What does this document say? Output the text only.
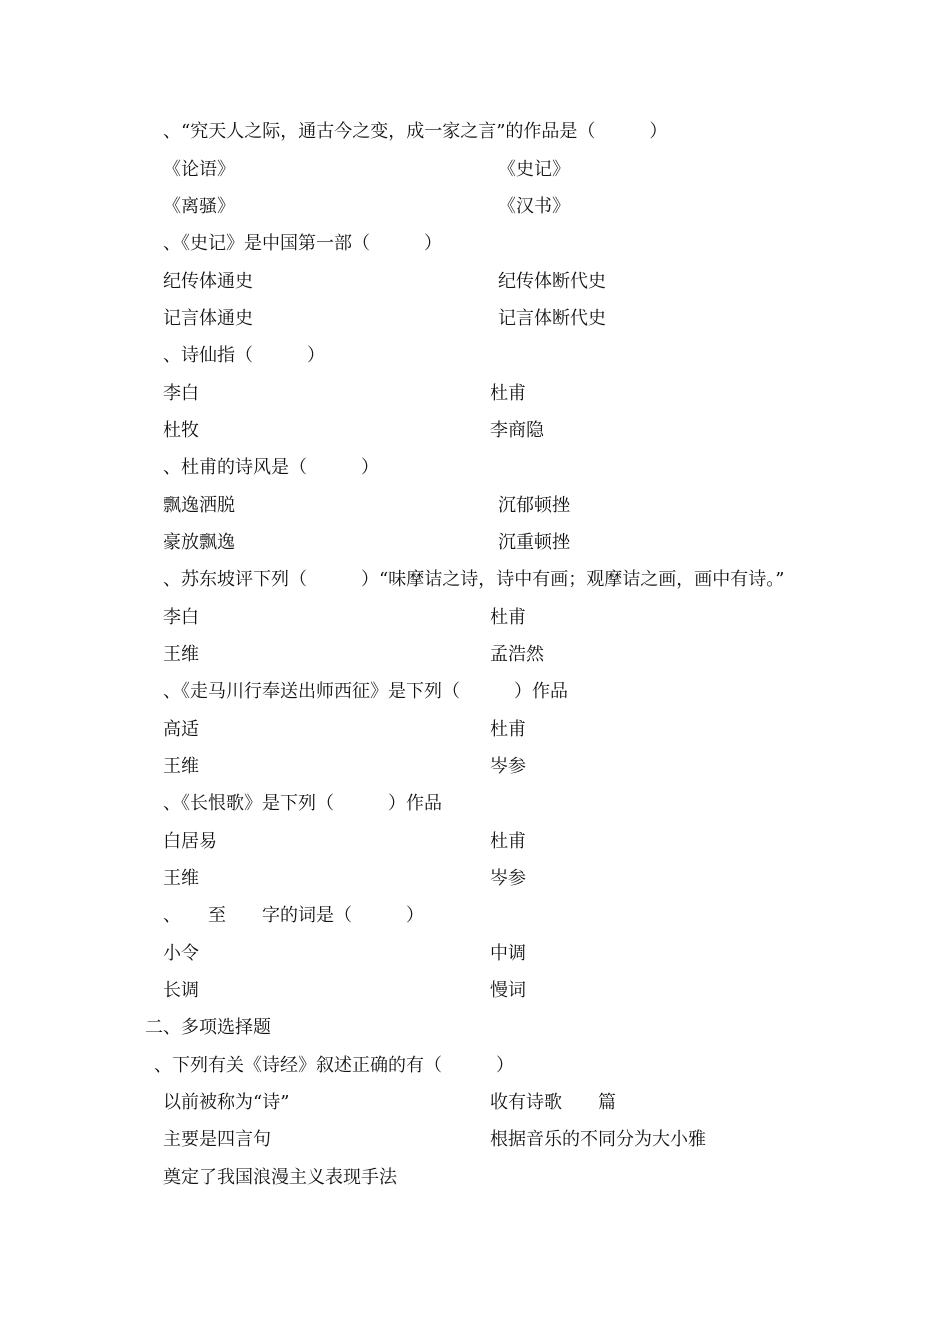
、“究天人之际，通古今之变，成一家之言”的作品是（　　　）
《论语》	《史记》
《离骚》	《汉书》
、《史记》是中国第一部（　　　）
纪传体通史	纪传体断代史
记言体通史	记言体断代史
、诗仙指（　　　）
李白	杜甫
杜牧	李商隐
、杜甫的诗风是（　　　）
飘逸洒脱	沉郁顿挫
豪放飘逸	沉重顿挫
、苏东坡评下列（　　　）“味摩诘之诗，诗中有画；观摩诘之画，画中有诗。”
李白	杜甫
王维	孟浩然
、《走马川行奉送出师西征》是下列（　　　）作品
高适	杜甫
王维	岑参
、《长恨歌》是下列（　　　）作品
白居易	杜甫
王维	岑参
、　　至　　字的词是（　　　）
小令	中调
长调	慢词
二、多项选择题
、下列有关《诗经》叙述正确的有（　　　）
以前被称为“诗”	收有诗歌　　篇
主要是四言句	根据音乐的不同分为大小雅
奠定了我国浪漫主义表现手法
